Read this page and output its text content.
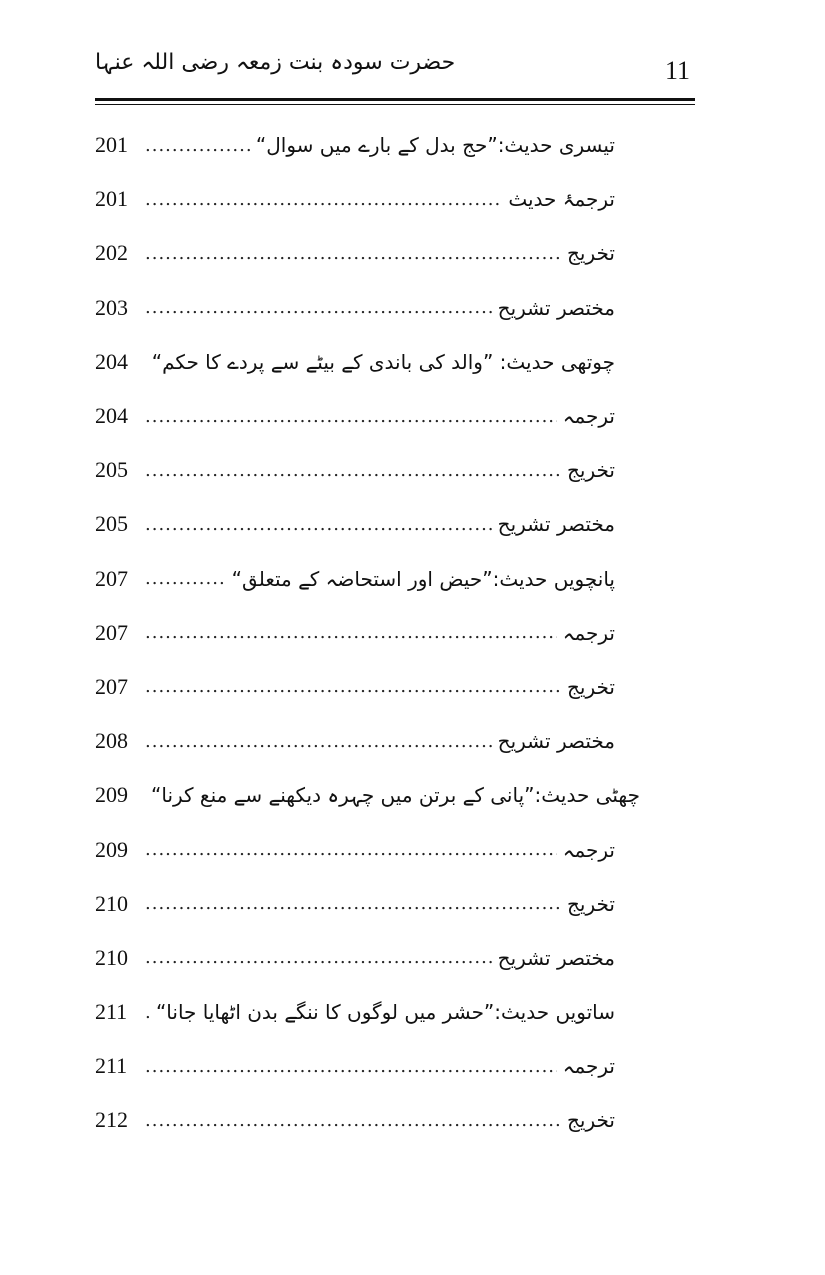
حضرت سودہ بنت زمعہ رضی اللہ عنہا	11
201 .....	تیسری حدیث:”حج بدل کے بارے میں سوال“
201 .....	ترجمۂ حدیث
202 .....	تخریج
203 .....	مختصر تشریح
204 .....	چوتھی حدیث: ”والد کی باندی کے بیٹے سے پردے کا حکم“
204 .....	ترجمہ
205 .....	تخریج
205 .....	مختصر تشریح
207 .....	پانچویں حدیث:”حیض اور استحاضہ کے متعلق“
207 .....	ترجمہ
207 .....	تخریج
208 .....	مختصر تشریح
209	چھٹی حدیث:”پانی کے برتن میں چہرہ دیکھنے سے منع کرنا“
209 .....	ترجمہ
210 .....	تخریج
210 .....	مختصر تشریح
211 .....	ساتویں حدیث:”حشر میں لوگوں کا ننگے بدن اٹھایا جانا“
211 .....	ترجمہ
212 .....	تخریج
